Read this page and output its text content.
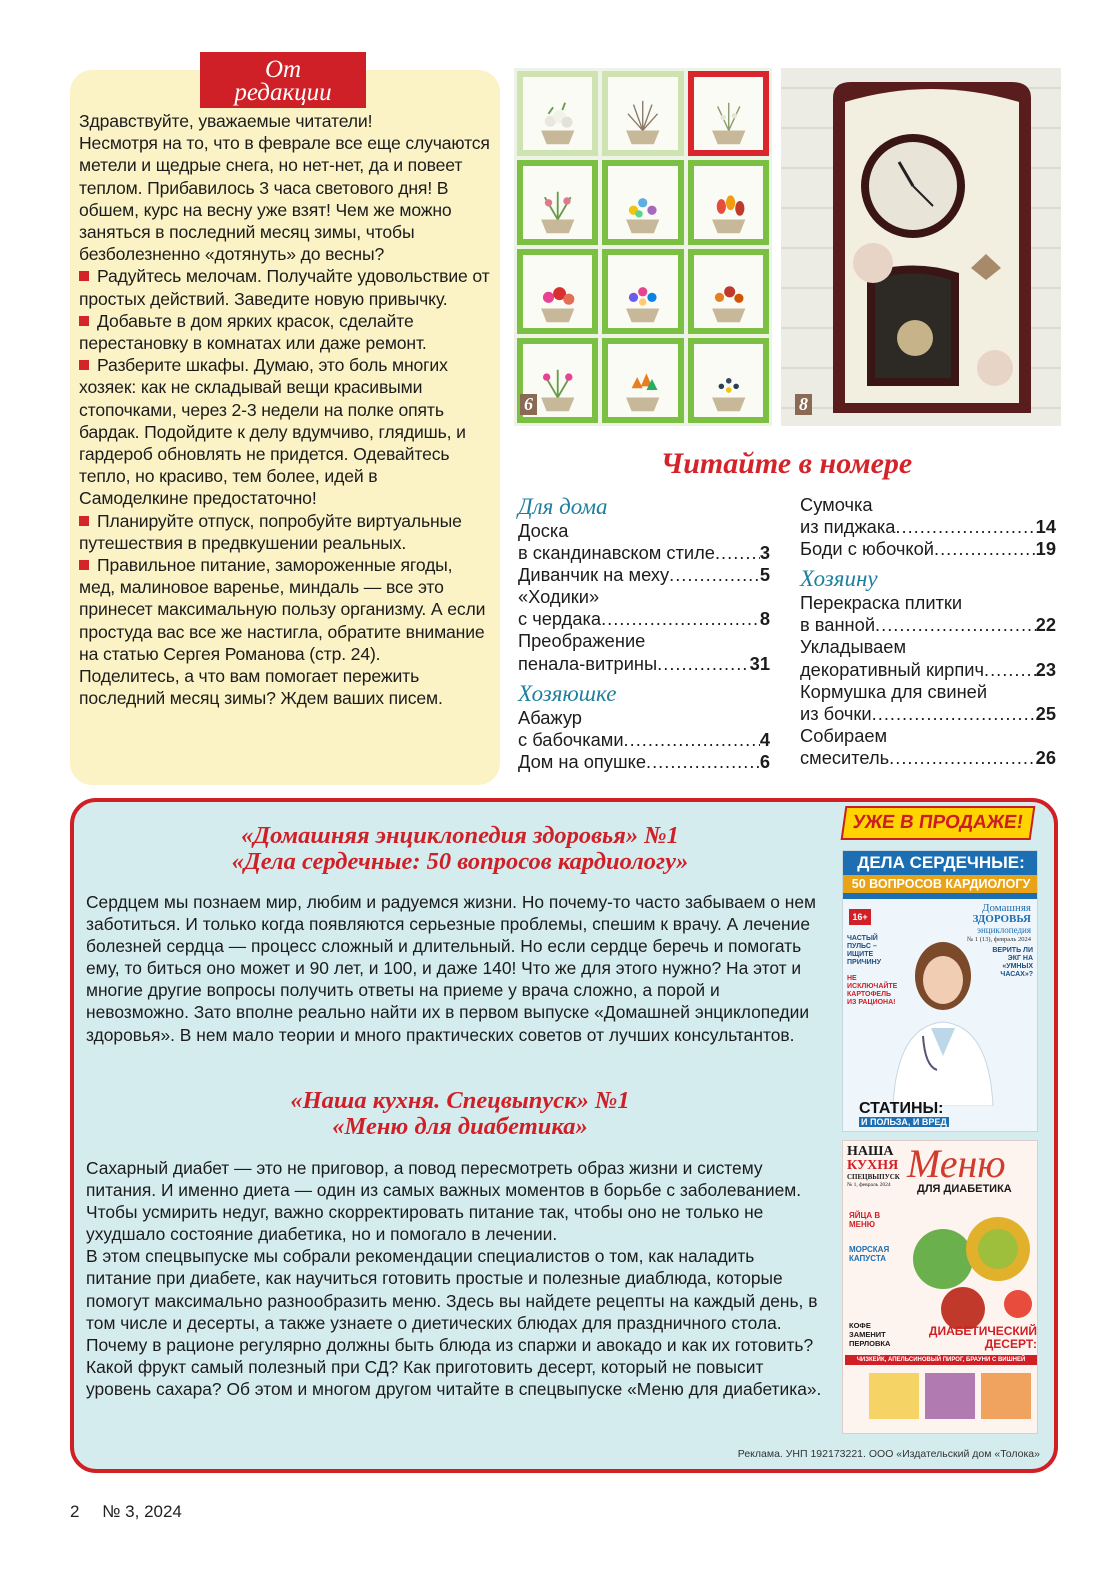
От
редакции

Здравствуйте, уважаемые читатели!

Несмотря на то, что в феврале все еще случаются метели и щедрые снега, но нет-нет, да и повеет теплом. Прибавилось 3 часа светового дня! В обшем, курс на весну уже взят! Чем же можно заняться в последний месяц зимы, чтобы безболезненно «дотянуть» до весны?

Радуйтесь мелочам. Получайте удовольствие от простых действий. Заведите новую привычку.

Добавьте в дом ярких красок, сделайте перестановку в комнатах или даже ремонт.

Разберите шкафы. Думаю, это боль многих хозяек: как не складывай вещи красивыми стопочками, через 2-3 недели на полке опять бардак. Подойдите к делу вдумчиво, глядишь, и гардероб обновлять не придется. Одевайтесь тепло, но красиво, тем более, идей в Самоделкине предостаточно!

Планируйте отпуск, попробуйте виртуальные путешествия в предвкушении реальных.

Правильное питание, замороженные ягоды, мед, малиновое варенье, миндаль — все это принесет максимальную пользу организму. А если простуда вас все же настигла, обратите внимание на статью Сергея Романова (стр. 24).

Поделитесь, а что вам помогает пережить последний месяц зимы? Ждем ваших писем.

6	8
Читайте в номере
Для дома
Доска
в скандинавском стиле ..... 3
Диванчик на меху .....	5
«Ходики»
с чердака .....	8
Преображение
пенала-витрины .....	31
Хозяюшке
Абажур
с бабочками .....	4
Дом на опушке .....	6
Сумочка
из пиджака .....	14
Боди с юбочкой .....	19
Хозяину
Перекраска плитки
в ванной .....	22
Укладываем
декоративный кирпич .....	23
Кормушка для свиней
из бочки .....	25
Собираем
смеситель .....	26
«Домашняя энциклопедия здоровья» №1
«Дела сердечные: 50 вопросов кардиологу»

Сердцем мы познаем мир, любим и радуемся жизни. Но почему-то часто забываем о нем заботиться. И только когда появляются серьезные проблемы, спешим к врачу. А лечение болезней сердца — процесс сложный и длительный. Но если сердце беречь и помогать ему, то биться оно может и 90 лет, и 100, и даже 140! Что же для этого нужно? На этот и многие другие вопросы получить ответы на приеме у врача сложно, а порой и невозможно. Зато вполне реально найти их в первом выпуске «Домашней энциклопедии здоровья». В нем мало теории и много практических советов от лучших консультантов.

«Наша кухня. Спецвыпуск» №1
«Меню для диабетика»

Сахарный диабет — это не приговор, а повод пересмотреть образ жизни и систему питания. И именно диета — один из самых важных моментов в борьбе с заболеванием. Чтобы усмирить недуг, важно скорректировать питание так, чтобы оно не только не ухудшало состояние диабетика, но и помогало в лечении.

В этом спецвыпуске мы собрали рекомендации специалистов о том, как наладить питание при диабете, как научиться готовить простые и полезные диаблюда, которые помогут максимально разнообразить меню. Здесь вы найдете рецепты на каждый день, в том числе и десерты, а также узнаете о диетических блюдах для праздничного стола.

Почему в рационе регулярно должны быть блюда из спаржи и авокадо и как их готовить? Какой фрукт самый полезный при СД? Как приготовить десерт, который не повысит уровень сахара? Об этом и многом другом читайте в спецвыпуске «Меню для диабетика».

УЖЕ В ПРОДАЖЕ!
ДЕЛА СЕРДЕЧНЫЕ:
50 ВОПРОСОВ КАРДИОЛОГУ
Домашняя
ЗДОРОВЬЯ
энциклопедия
№ 1 (13), февраль 2024
16+
ЧАСТЫЙ ПУЛЬС – ИЩИТЕ ПРИЧИНУ
НЕ ИСКЛЮЧАЙТЕ КАРТОФЕЛЬ ИЗ РАЦИОНА!
ВЕРИТЬ ЛИ ЭКГ НА «УМНЫХ ЧАСАХ»?
СТАТИНЫ:
И ПОЛЬЗА, И ВРЕД
НАША
КУХНЯ
СПЕЦВЫПУСК
№ 1, февраль 2024 Меню
ДЛЯ ДИАБЕТИКА
ЯЙЦА В МЕНЮ
МОРСКАЯ КАПУСТА
КОФЕ ЗАМЕНИТ ПЕРЛОВКА
ДИАБЕТИЧЕСКИЙ
ДЕСЕРТ:
ЧИЗКЕЙК, АПЕЛЬСИНОВЫЙ ПИРОГ, БРАУНИ С ВИШНЕЙ
Реклама. УНП 192173221. ООО «Издательский дом «Толока»
2 № 3, 2024
